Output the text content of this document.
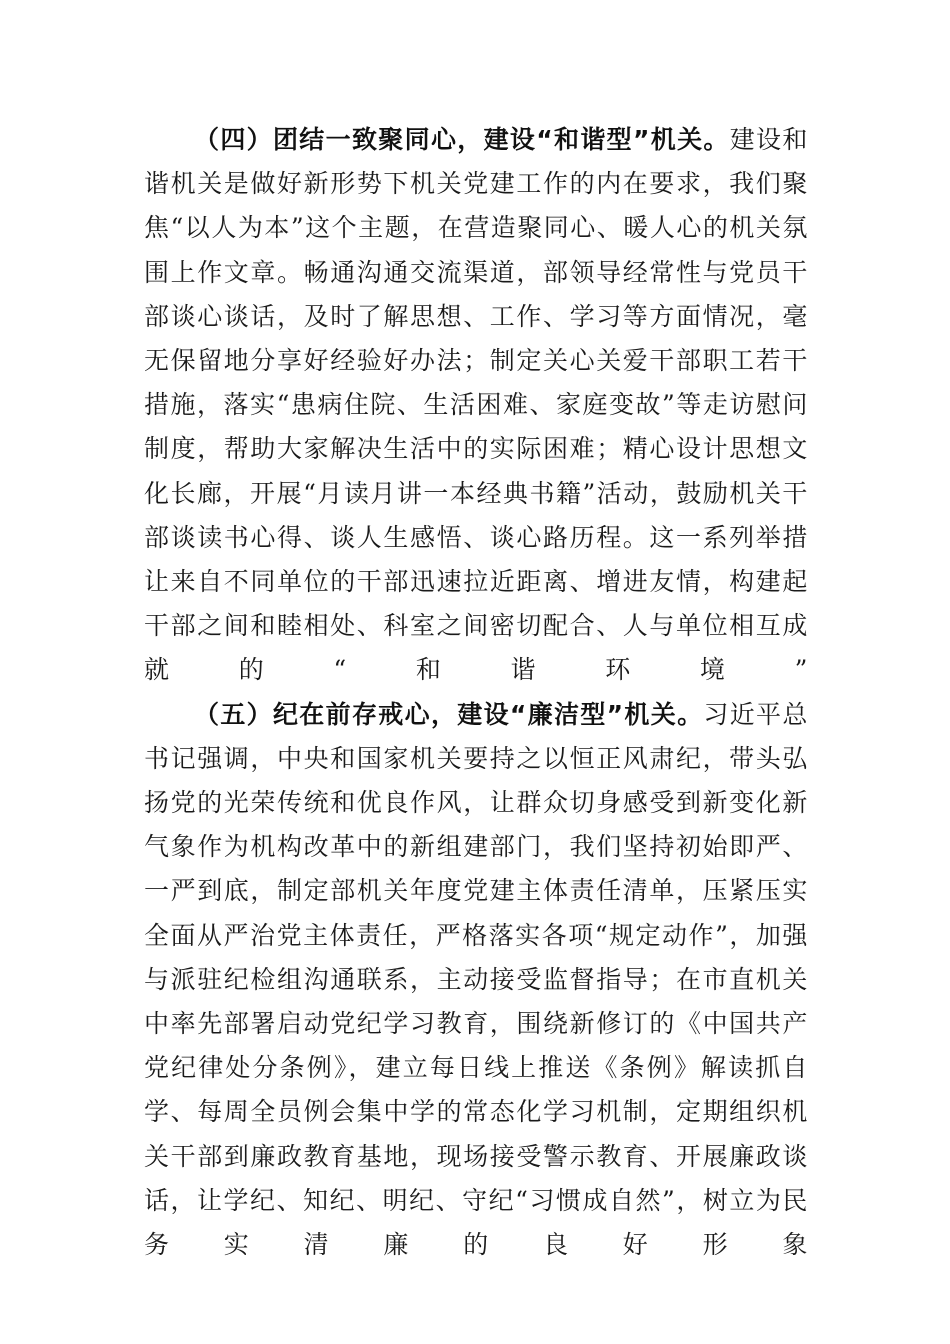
（四）团结一致聚同心，建设“和谐型”机关。建设和谐机关是做好新形势下机关党建工作的内在要求，我们聚焦“以人为本”这个主题，在营造聚同心、暖人心的机关氛围上作文章。畅通沟通交流渠道，部领导经常性与党员干部谈心谈话，及时了解思想、工作、学习等方面情况，毫无保留地分享好经验好办法；制定关心关爱干部职工若干措施，落实“患病住院、生活困难、家庭变故”等走访慰问制度，帮助大家解决生活中的实际困难；精心设计思想文化长廊，开展“月读月讲一本经典书籍”活动，鼓励机关干部谈读书心得、谈人生感悟、谈心路历程。这一系列举措让来自不同单位的干部迅速拉近距离、增进友情，构建起干部之间和睦相处、科室之间密切配合、人与单位相互成就的“和谐环境”

（五）纪在前存戒心，建设“廉洁型”机关。习近平总书记强调，中央和国家机关要持之以恒正风肃纪，带头弘扬党的光荣传统和优良作风，让群众切身感受到新变化新气象作为机构改革中的新组建部门，我们坚持初始即严、一严到底，制定部机关年度党建主体责任清单，压紧压实全面从严治党主体责任，严格落实各项“规定动作”，加强与派驻纪检组沟通联系，主动接受监督指导；在市直机关中率先部署启动党纪学习教育，围绕新修订的《中国共产党纪律处分条例》，建立每日线上推送《条例》解读抓自学、每周全员例会集中学的常态化学习机制，定期组织机关干部到廉政教育基地，现场接受警示教育、开展廉政谈话，让学纪、知纪、明纪、守纪“习惯成自然”，树立为民务实清廉的良好形象
